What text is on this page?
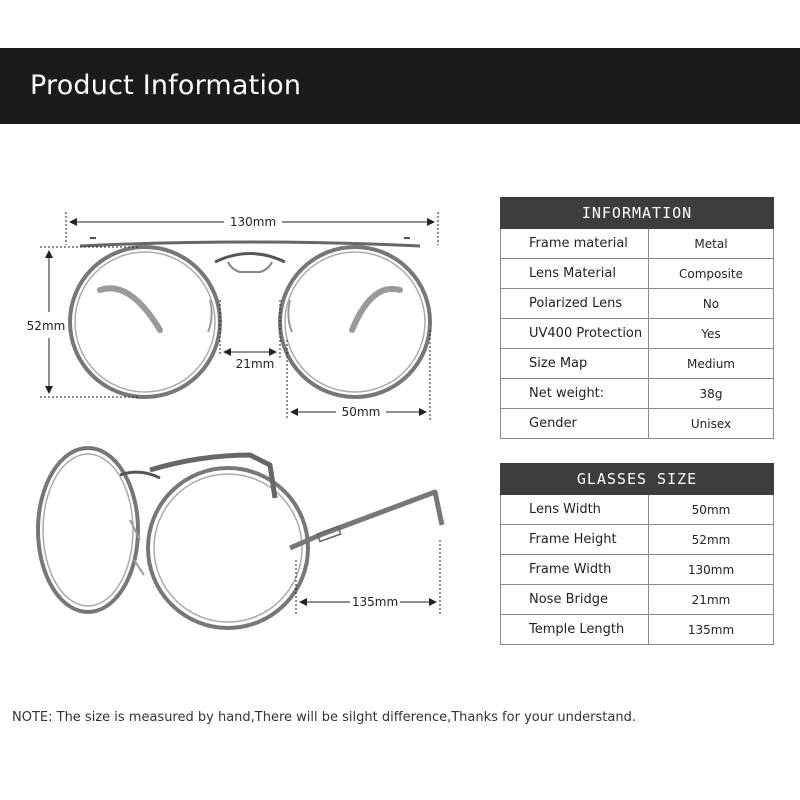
Product Information
130mm
52mm
21mm
50mm
135mm
INFORMATION	
Frame material	Metal
Lens Material	Composite
Polarized Lens	No
UV400 Protection	Yes
Size Map	Medium
Net weight:	38g
Gender	Unisex
GLASSES SIZE	
Lens Width	50mm
Frame Height	52mm
Frame Width	130mm
Nose Bridge	21mm
Temple Length	135mm
NOTE: The size is measured by hand,There will be silght difference,Thanks for your understand.
